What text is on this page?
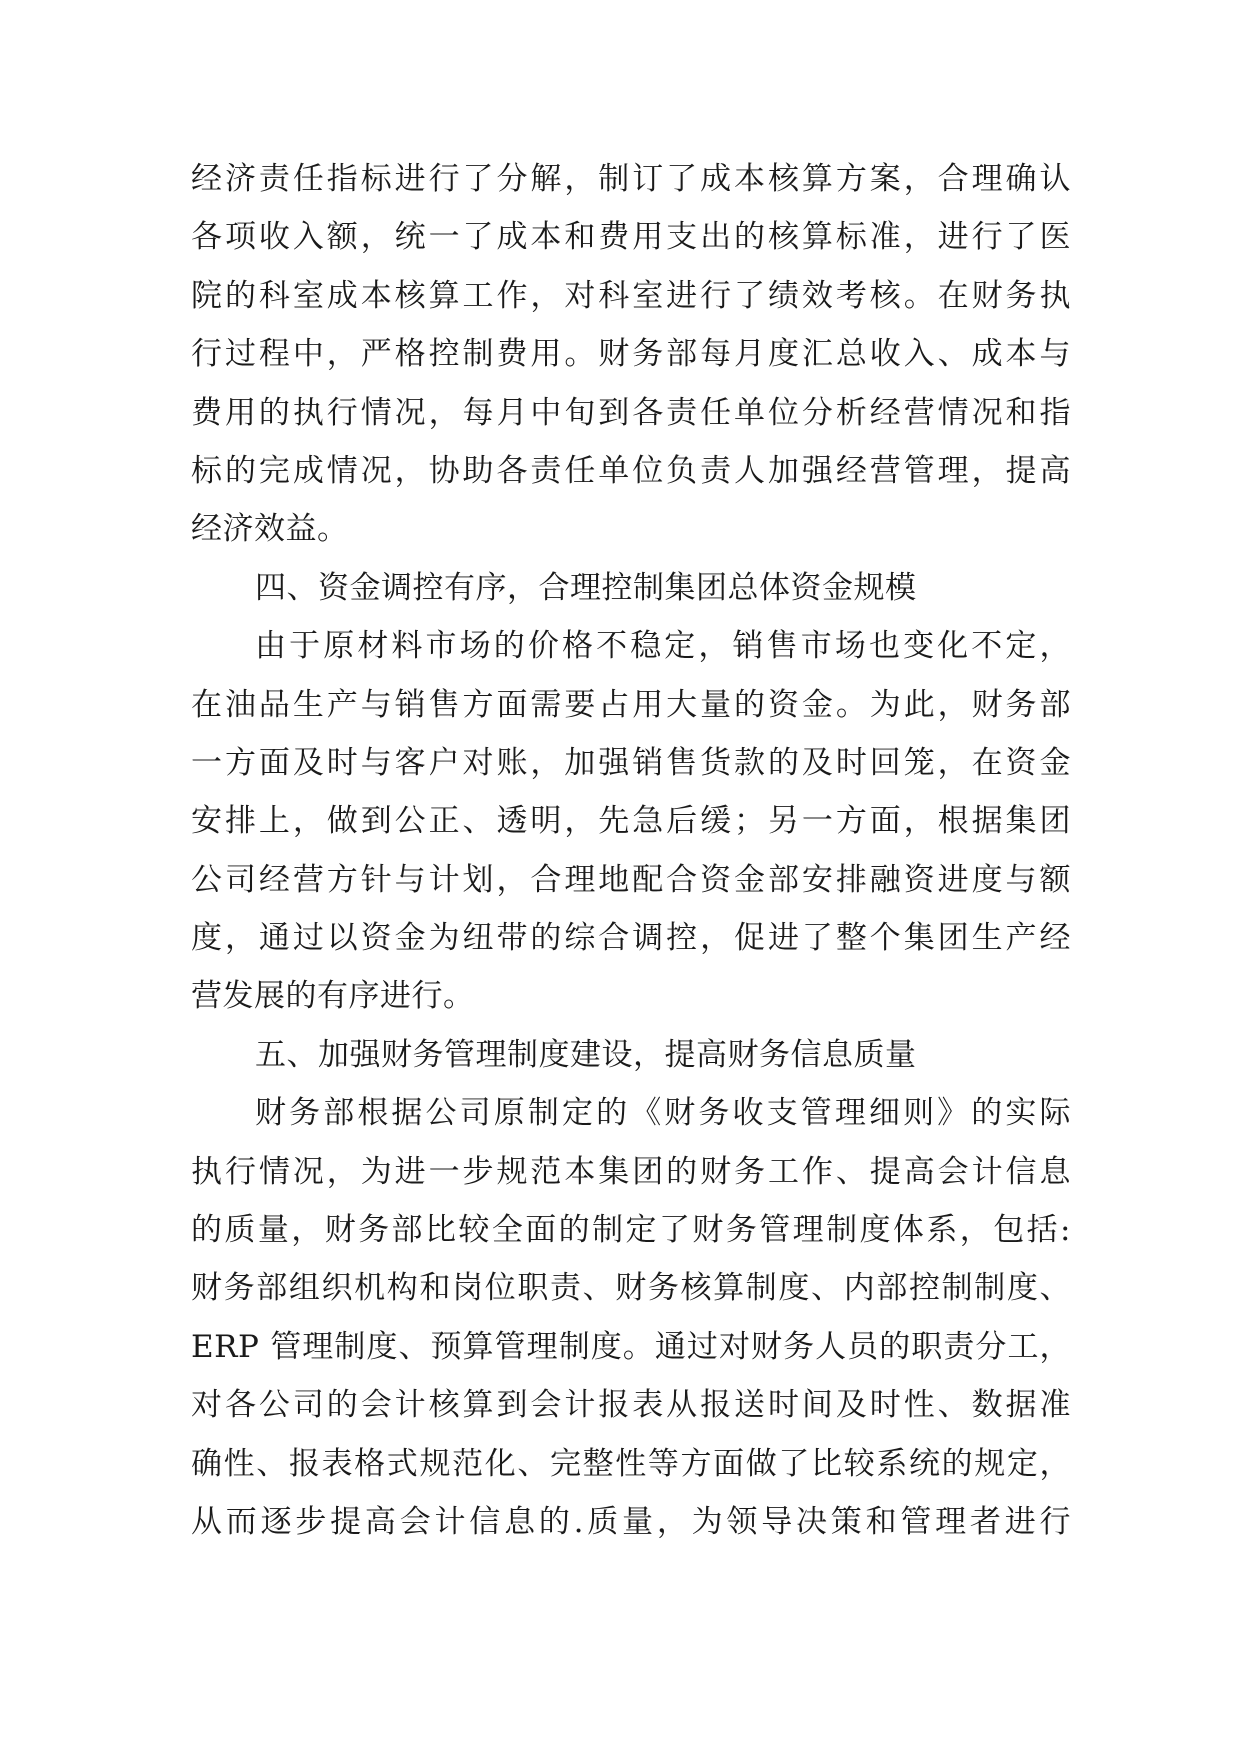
经济责任指标进行了分解，制订了成本核算方案，合理确认
各项收入额，统一了成本和费用支出的核算标准，进行了医
院的科室成本核算工作，对科室进行了绩效考核。在财务执
行过程中，严格控制费用。财务部每月度汇总收入、成本与
费用的执行情况，每月中旬到各责任单位分析经营情况和指
标的完成情况，协助各责任单位负责人加强经营管理，提高
经济效益。
四、资金调控有序，合理控制集团总体资金规模
由于原材料市场的价格不稳定，销售市场也变化不定，
在油品生产与销售方面需要占用大量的资金。为此，财务部
一方面及时与客户对账，加强销售货款的及时回笼，在资金
安排上，做到公正、透明，先急后缓；另一方面，根据集团
公司经营方针与计划，合理地配合资金部安排融资进度与额
度，通过以资金为纽带的综合调控，促进了整个集团生产经
营发展的有序进行。
五、加强财务管理制度建设，提高财务信息质量
财务部根据公司原制定的《财务收支管理细则》的实际
执行情况，为进一步规范本集团的财务工作、提高会计信息
的质量，财务部比较全面的制定了财务管理制度体系，包括:
财务部组织机构和岗位职责、财务核算制度、内部控制制度、
ERP 管理制度、预算管理制度。通过对财务人员的职责分工，
对各公司的会计核算到会计报表从报送时间及时性、数据准
确性、报表格式规范化、完整性等方面做了比较系统的规定，
从而逐步提高会计信息的.质量，为领导决策和管理者进行
